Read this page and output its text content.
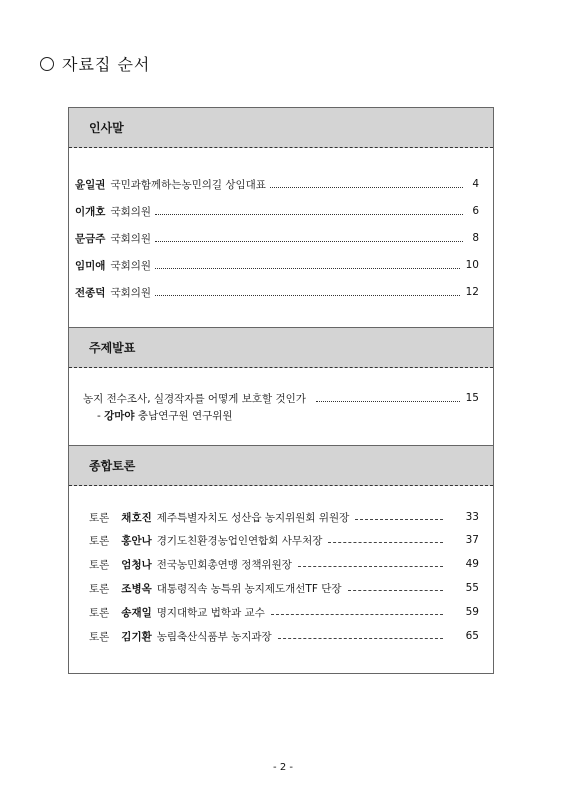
자료집 순서
인사말
윤일권 국민과함께하는농민의길 상임대표	4
이개호 국회의원	6
문금주 국회의원	8
임미애 국회의원	10
전종덕 국회의원	12
주제발표
농지 전수조사, 실경작자를 어떻게 보호할 것인가	15
- 강마야 충남연구원 연구위원
종합토론
토론 채호진 제주특별자치도 성산읍 농지위원회 위원장	33
토론 홍안나 경기도친환경농업인연합회 사무처장	37
토론 엄청나 전국농민회총연맹 정책위원장	49
토론 조병옥 대통령직속 농특위 농지제도개선TF 단장	55
토론 송재일 명지대학교 법학과 교수	59
토론 김기환 농림축산식품부 농지과장	65
- 2 -
